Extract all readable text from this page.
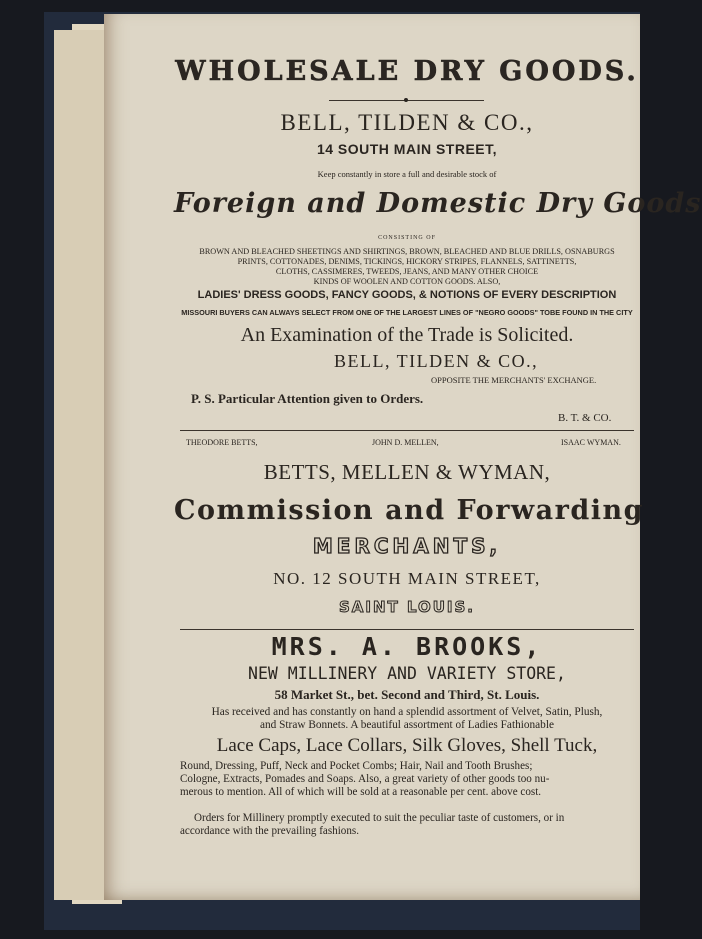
WHOLESALE DRY GOODS.
BELL, TILDEN & CO.,
14 SOUTH MAIN STREET,
Keep constantly in store a full and desirable stock of
Foreign and Domestic Dry Goods
CONSISTING OF
BROWN AND BLEACHED SHEETINGS AND SHIRTINGS, BROWN, BLEACHED AND BLUE DRILLS, OSNABURGS
PRINTS, COTTONADES, DENIMS, TICKINGS, HICKORY STRIPES, FLANNELS, SATTINETTS,
CLOTHS, CASSIMERES, TWEEDS, JEANS, AND MANY OTHER CHOICE
KINDS OF WOOLEN AND COTTON GOODS. ALSO,
LADIES' DRESS GOODS, FANCY GOODS, & NOTIONS OF EVERY DESCRIPTION
MISSOURI BUYERS CAN ALWAYS SELECT FROM ONE OF THE LARGEST LINES OF "NEGRO GOODS" TOBE FOUND IN THE CITY
An Examination of the Trade is Solicited.
BELL, TILDEN & CO.,
OPPOSITE THE MERCHANTS' EXCHANGE.
P. S. Particular Attention given to Orders.
B. T. & CO.
THEODORE BETTS,	JOHN D. MELLEN,	ISAAC WYMAN.
BETTS, MELLEN & WYMAN,
Commission and Forwarding
MERCHANTS,
NO. 12 SOUTH MAIN STREET,
SAINT LOUIS.
MRS. A. BROOKS,
NEW MILLINERY AND VARIETY STORE,
58 Market St., bet. Second and Third, St. Louis.
Has received and has constantly on hand a splendid assortment of Velvet, Satin, Plush,
and Straw Bonnets. A beautiful assortment of Ladies Fathionable
Lace Caps, Lace Collars, Silk Gloves, Shell Tuck,
Round, Dressing, Puff, Neck and Pocket Combs; Hair, Nail and Tooth Brushes;
Cologne, Extracts, Pomades and Soaps. Also, a great variety of other goods too nu-
merous to mention. All of which will be sold at a reasonable per cent. above cost.
Orders for Millinery promptly executed to suit the peculiar taste of customers, or in
accordance with the prevailing fashions.
